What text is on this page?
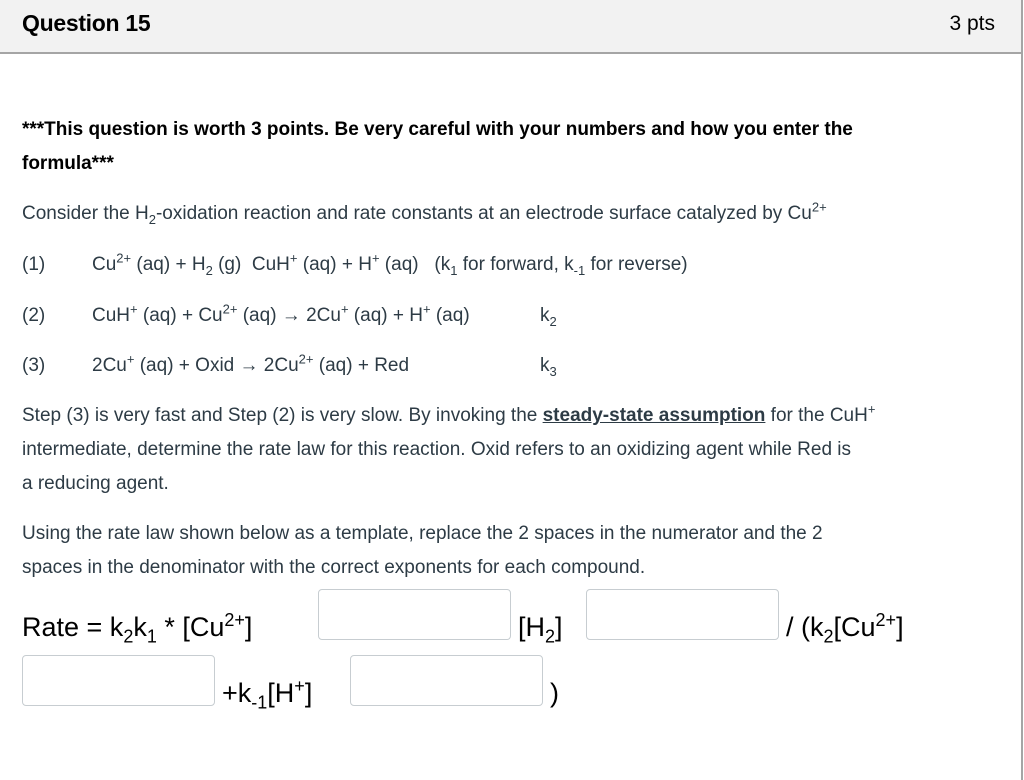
Question 15	3 pts
***This question is worth 3 points. Be very careful with your numbers and how you enter the
formula***
Consider the $H_2$-oxidation reaction and rate constants at an electrode surface catalyzed by $Cu^{2+}$
(1) $Cu^{2+}$ $(aq) + H_2$ (g)  CuH+ (aq) + H+ (aq)   ($k_1$ for forward, $k_{-1}$ for reverse)
(2) CuH+ $(aq) + Cu^{2+}$ (aq) → 2Cu+ (aq) + H+ (aq)	$k_2$
(3) 2Cu+ (aq) + Oxid → $2Cu^{2+}$ (aq) + Red	$k_3$
Step (3) is very fast and Step (2) is very slow. By invoking the steady-state assumption for the CuH+
intermediate, determine the rate law for this reaction. Oxid refers to an oxidizing agent while Red is
a reducing agent.
Using the rate law shown below as a template, replace the 2 spaces in the numerator and the 2
spaces in the denominator with the correct exponents for each compound.
Rate = $k_2k_1 * [Cu^{2+}]$	$[H_2]$	/ ($k_2[Cu^{2+}]$
$+k_{-1}[H^+]$	)
